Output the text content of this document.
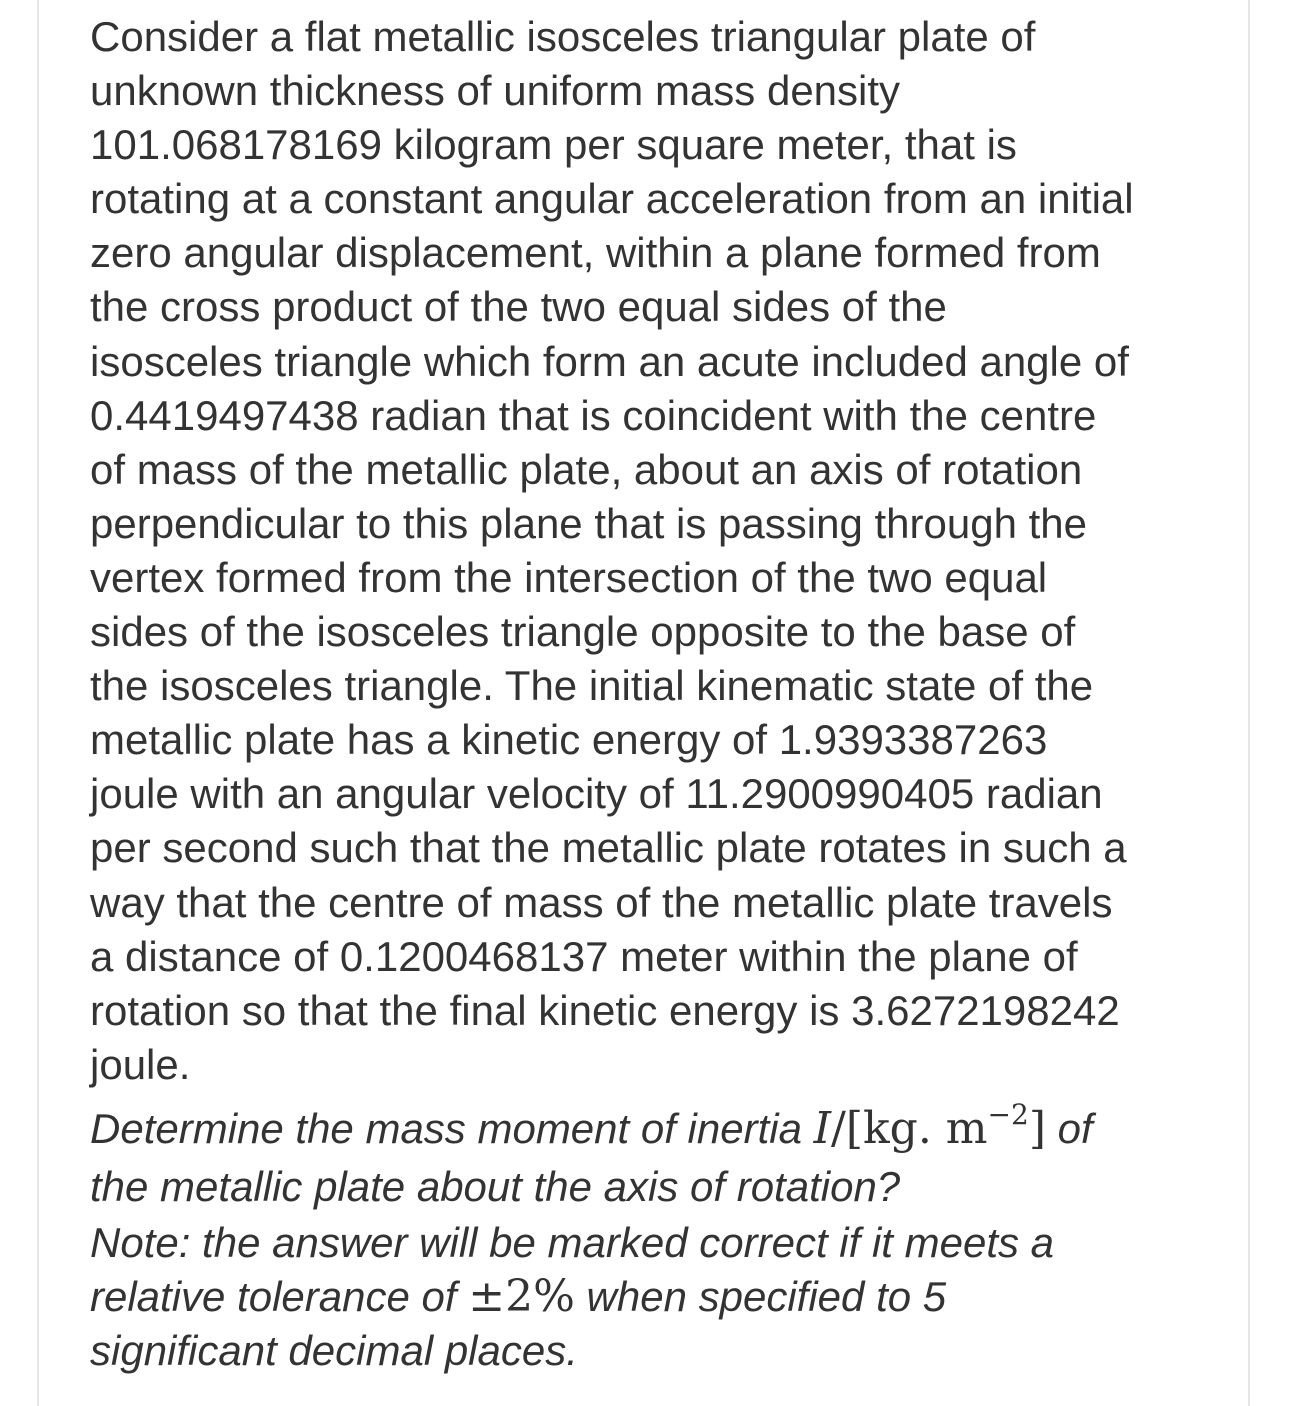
Consider a flat metallic isosceles triangular plate of
unknown thickness of uniform mass density
101.068178169 kilogram per square meter, that is
rotating at a constant angular acceleration from an initial
zero angular displacement, within a plane formed from
the cross product of the two equal sides of the
isosceles triangle which form an acute included angle of
0.4419497438 radian that is coincident with the centre
of mass of the metallic plate, about an axis of rotation
perpendicular to this plane that is passing through the
vertex formed from the intersection of the two equal
sides of the isosceles triangle opposite to the base of
the isosceles triangle. The initial kinematic state of the
metallic plate has a kinetic energy of 1.9393387263
joule with an angular velocity of 11.2900990405 radian
per second such that the metallic plate rotates in such a
way that the centre of mass of the metallic plate travels
a distance of 0.1200468137 meter within the plane of
rotation so that the final kinetic energy is 3.6272198242
joule.

Determine the mass moment of inertia I/[kg. $m^{-2}$] of
the metallic plate about the axis of rotation?

Note: the answer will be marked correct if it meets a
relative tolerance of ±2% when specified to 5
significant decimal places.
